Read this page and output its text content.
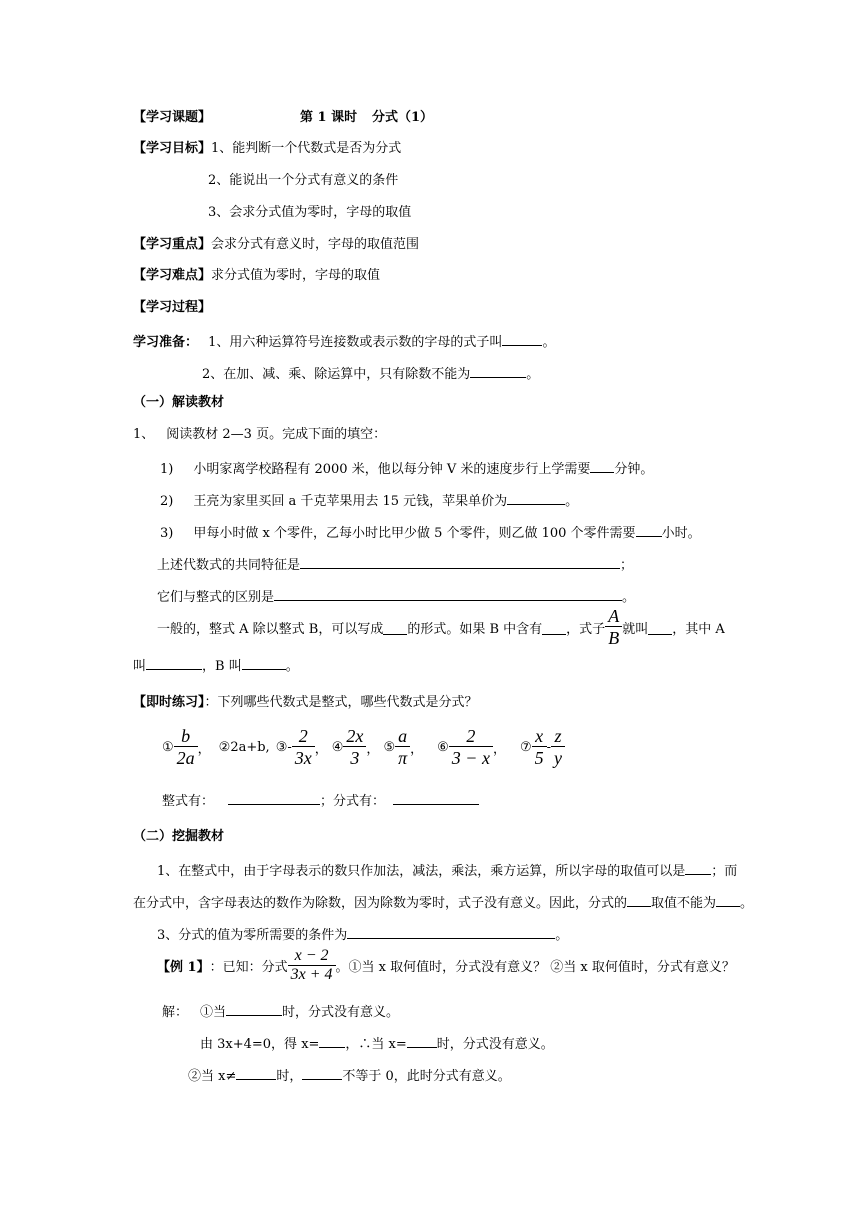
【学习课题】	第 1 课时 分式（1）
【学习目标】1、能判断一个代数式是否为分式
2、能说出一个分式有意义的条件
3、会求分式值为零时，字母的取值
【学习重点】会求分式有意义时，字母的取值范围
【学习难点】求分式值为零时，字母的取值
【学习过程】
学习准备： 1、用六种运算符号连接数或表示数的字母的式子叫	。
2、在加、减、乘、除运算中，只有除数不能为	。
（一）解读教材
1、 阅读教材 2—3 页。完成下面的填空：
1) 小明家离学校路程有 2000 米，他以每分钟 V 米的速度步行上学需要 分钟。
2) 王亮为家里买回 a 千克苹果用去 15 元钱，苹果单价为	。
3) 甲每小时做 x 个零件，乙每小时比甲少做 5 个零件，则乙做 100 个零件需要 小时。
上述代数式的共同特征是	；
它们与整式的区别是	。
一般的，整式 A 除以整式 B，可以写成 的形式。如果 B 中含有 ，式子 $\frac{A}{B}$ 就叫 ，其中 A
叫	，B 叫	。
【即时练习】：下列哪些代数式是整式，哪些代数式是分式？
① $\frac{b}{2a}$ ， ②2a+b, ③- $\frac{2}{3x}$ ， ④ $\frac{2x}{3}$ ， ⑤ $\frac{a}{\pi}$ ， ⑥ $\frac{2}{3 - x}$ ， ⑦ $\frac{x}{5} - \frac{z}{y}$
整式有：	；分式有：
（二）挖掘教材
1、在整式中，由于字母表示的数只作加法，减法，乘法，乘方运算，所以字母的取值可以是 ；而
在分式中，含字母表达的数作为除数，因为除数为零时，式子没有意义。因此，分式的 取值不能为 。
3、分式的值为零所需要的条件为	。
【例 1】 ：已知：分式 $\frac{x - 2}{3x + 4}$ 。①当 x 取何值时，分式没有意义？ ②当 x 取何值时，分式有意义？
解： ①当	时，分式没有意义。
由 3x+4=0，得 x= ，∴当 x= 时，分式没有意义。
②当 x≠	时，	不等于 0，此时分式有意义。
